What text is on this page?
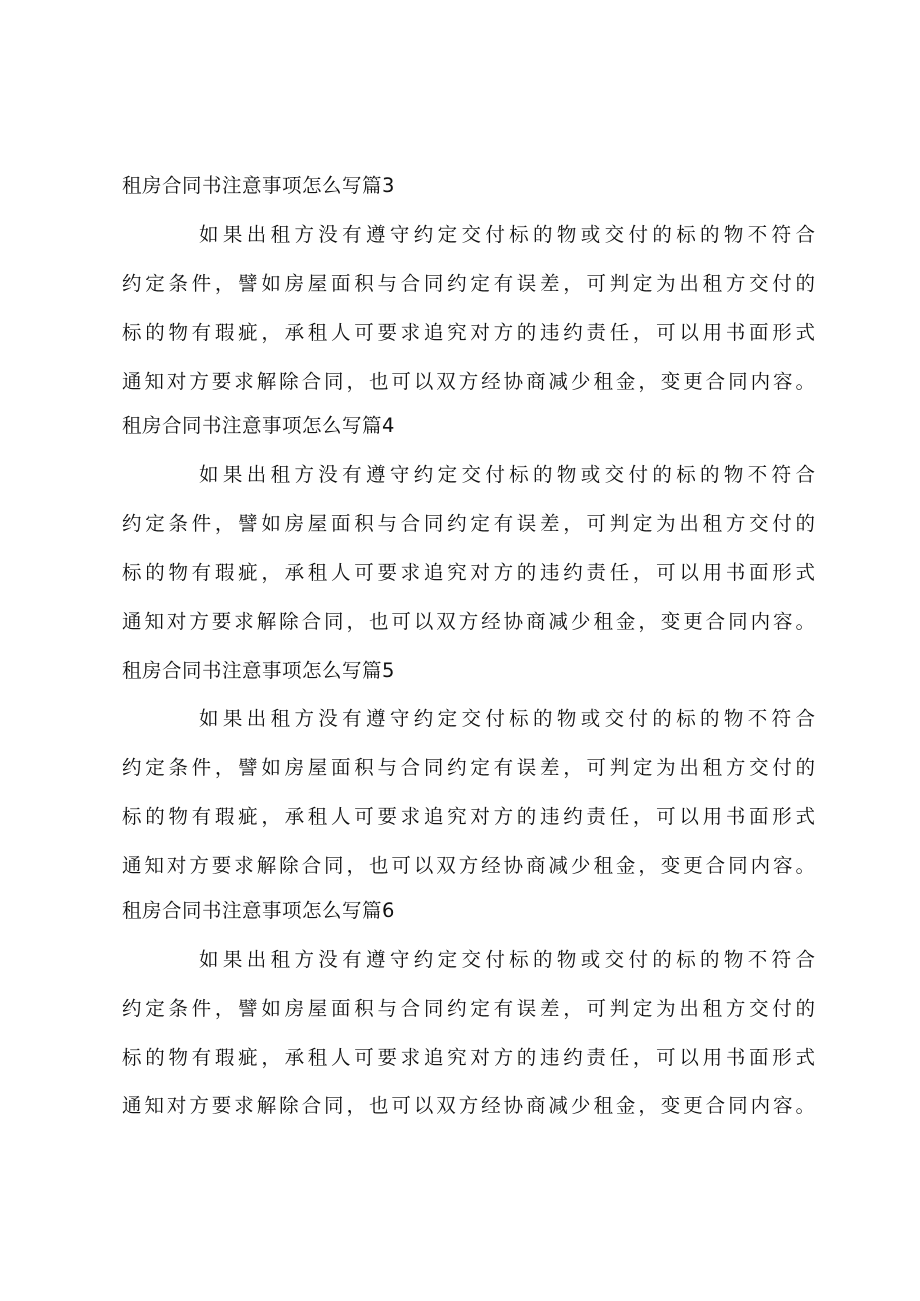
租房合同书注意事项怎么写篇3
如果出租方没有遵守约定交付标的物或交付的标的物不符合
约定条件，譬如房屋面积与合同约定有误差，可判定为出租方交付的
标的物有瑕疵，承租人可要求追究对方的违约责任，可以用书面形式
通知对方要求解除合同，也可以双方经协商减少租金，变更合同内容。
租房合同书注意事项怎么写篇4
如果出租方没有遵守约定交付标的物或交付的标的物不符合
约定条件，譬如房屋面积与合同约定有误差，可判定为出租方交付的
标的物有瑕疵，承租人可要求追究对方的违约责任，可以用书面形式
通知对方要求解除合同，也可以双方经协商减少租金，变更合同内容。
租房合同书注意事项怎么写篇5
如果出租方没有遵守约定交付标的物或交付的标的物不符合
约定条件，譬如房屋面积与合同约定有误差，可判定为出租方交付的
标的物有瑕疵，承租人可要求追究对方的违约责任，可以用书面形式
通知对方要求解除合同，也可以双方经协商减少租金，变更合同内容。
租房合同书注意事项怎么写篇6
如果出租方没有遵守约定交付标的物或交付的标的物不符合
约定条件，譬如房屋面积与合同约定有误差，可判定为出租方交付的
标的物有瑕疵，承租人可要求追究对方的违约责任，可以用书面形式
通知对方要求解除合同，也可以双方经协商减少租金，变更合同内容。
